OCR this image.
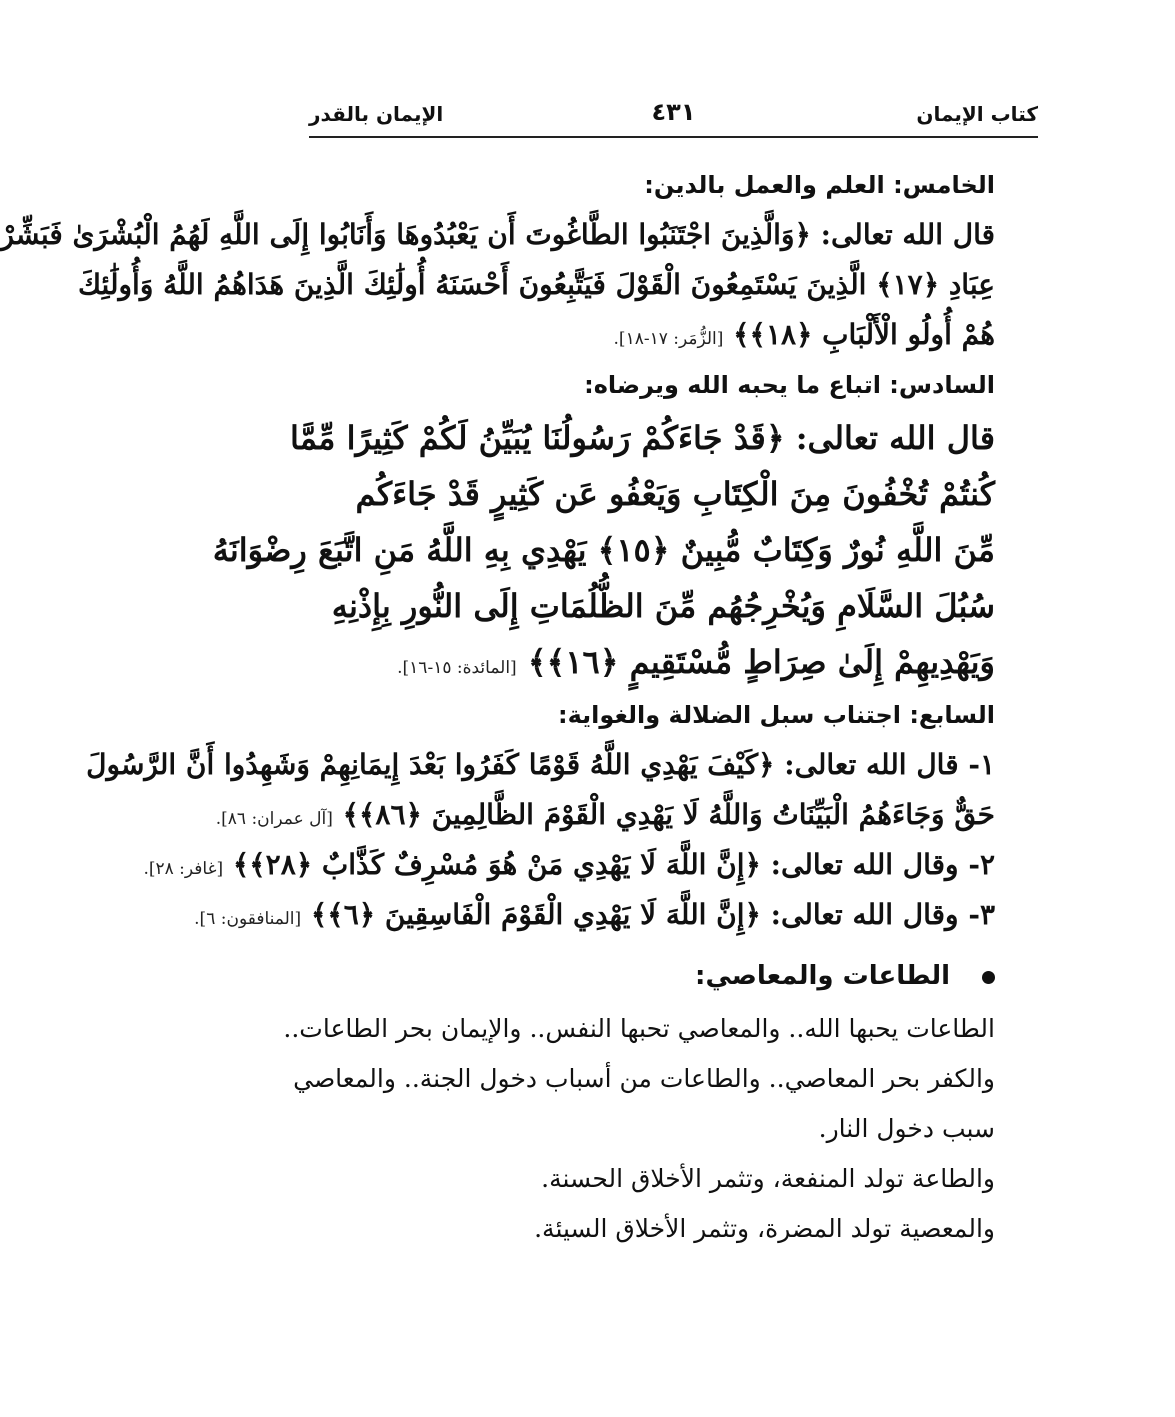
كتاب الإيمان
٤٣١
الإيمان بالقدر
الخامس: العلم والعمل بالدين:
قال الله تعالى: ﴿وَالَّذِينَ اجْتَنَبُوا الطَّاغُوتَ أَن يَعْبُدُوهَا وَأَنَابُوا إِلَى اللَّهِ لَهُمُ الْبُشْرَىٰ فَبَشِّرْ
عِبَادِ ﴿١٧﴾ الَّذِينَ يَسْتَمِعُونَ الْقَوْلَ فَيَتَّبِعُونَ أَحْسَنَهُ أُولَٰئِكَ الَّذِينَ هَدَاهُمُ اللَّهُ وَأُولَٰئِكَ
هُمْ أُولُو الْأَلْبَابِ ﴿١٨﴾﴾ [الزُّمَر: ١٧-١٨].
السادس: اتباع ما يحبه الله ويرضاه:
قال الله تعالى: ﴿قَدْ جَاءَكُمْ رَسُولُنَا يُبَيِّنُ لَكُمْ كَثِيرًا مِّمَّا
كُنتُمْ تُخْفُونَ مِنَ الْكِتَابِ وَيَعْفُو عَن كَثِيرٍ قَدْ جَاءَكُم
مِّنَ اللَّهِ نُورٌ وَكِتَابٌ مُّبِينٌ ﴿١٥﴾ يَهْدِي بِهِ اللَّهُ مَنِ اتَّبَعَ رِضْوَانَهُ
سُبُلَ السَّلَامِ وَيُخْرِجُهُم مِّنَ الظُّلُمَاتِ إِلَى النُّورِ بِإِذْنِهِ
وَيَهْدِيهِمْ إِلَىٰ صِرَاطٍ مُّسْتَقِيمٍ ﴿١٦﴾﴾ [المائدة: ١٥-١٦].
السابع: اجتناب سبل الضلالة والغواية:
١- قال الله تعالى: ﴿كَيْفَ يَهْدِي اللَّهُ قَوْمًا كَفَرُوا بَعْدَ إِيمَانِهِمْ وَشَهِدُوا أَنَّ الرَّسُولَ
حَقٌّ وَجَاءَهُمُ الْبَيِّنَاتُ وَاللَّهُ لَا يَهْدِي الْقَوْمَ الظَّالِمِينَ ﴿٨٦﴾﴾ [آل عمران: ٨٦].
٢- وقال الله تعالى: ﴿إِنَّ اللَّهَ لَا يَهْدِي مَنْ هُوَ مُسْرِفٌ كَذَّابٌ ﴿٢٨﴾﴾ [غافر: ٢٨].
٣- وقال الله تعالى: ﴿إِنَّ اللَّهَ لَا يَهْدِي الْقَوْمَ الْفَاسِقِينَ ﴿٦﴾﴾ [المنافقون: ٦].
الطاعات والمعاصي:
الطاعات يحبها الله.. والمعاصي تحبها النفس.. والإيمان بحر الطاعات..
والكفر بحر المعاصي.. والطاعات من أسباب دخول الجنة.. والمعاصي
سبب دخول النار.
والطاعة تولد المنفعة، وتثمر الأخلاق الحسنة.
والمعصية تولد المضرة، وتثمر الأخلاق السيئة.
